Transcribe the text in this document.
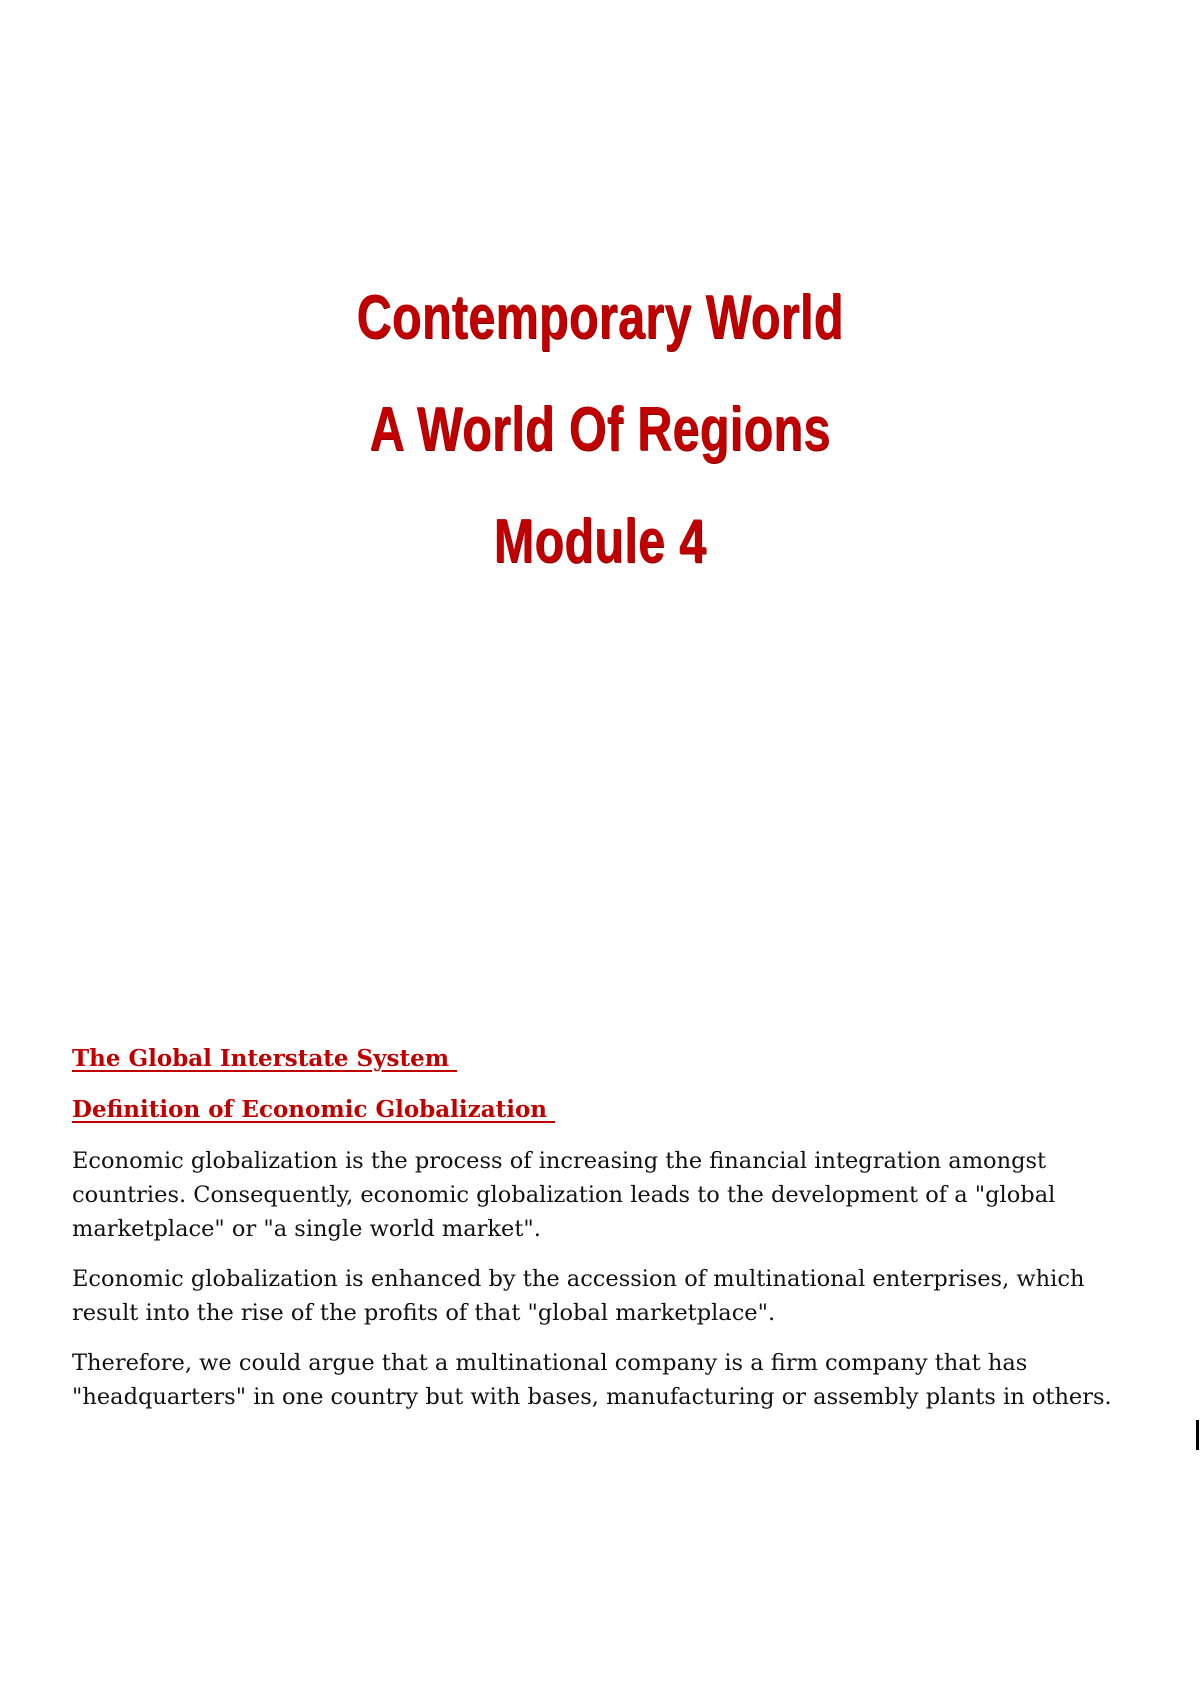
Contemporary World
A World Of Regions
Module 4
The Global Interstate System
Definition of Economic Globalization

Economic globalization is the process of increasing the financial integration amongst countries. Consequently, economic globalization leads to the development of a "global marketplace" or "a single world market".

Economic globalization is enhanced by the accession of multinational enterprises, which result into the rise of the profits of that "global marketplace".

Therefore, we could argue that a multinational company is a firm company that has "headquarters" in one country but with bases, manufacturing or assembly plants in others.
